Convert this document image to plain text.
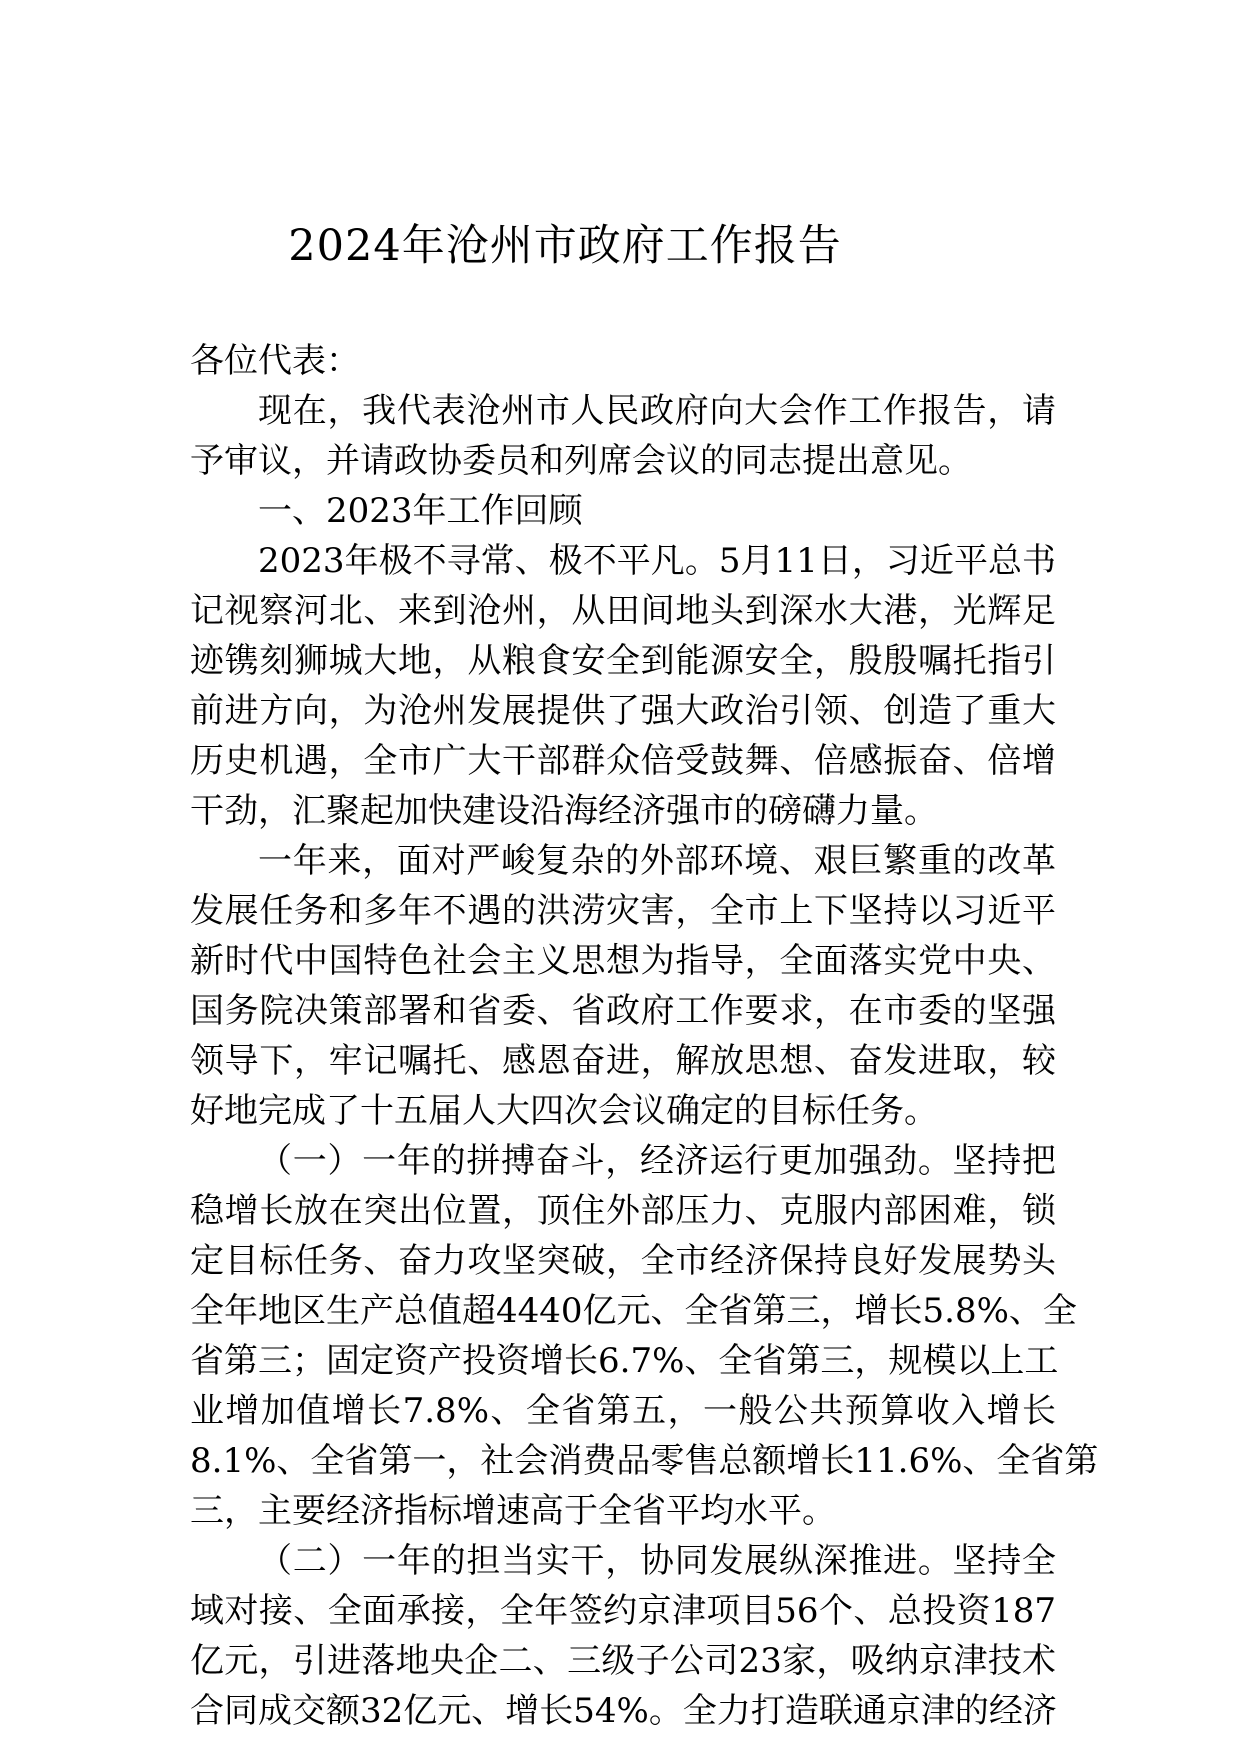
2024年沧州市政府工作报告
各位代表：
现在，我代表沧州市人民政府向大会作工作报告，请
予审议，并请政协委员和列席会议的同志提出意见。
一、2023年工作回顾
2023年极不寻常、极不平凡。5月11日，习近平总书
记视察河北、来到沧州，从田间地头到深水大港，光辉足
迹镌刻狮城大地，从粮食安全到能源安全，殷殷嘱托指引
前进方向，为沧州发展提供了强大政治引领、创造了重大
历史机遇，全市广大干部群众倍受鼓舞、倍感振奋、倍增
干劲，汇聚起加快建设沿海经济强市的磅礴力量。
一年来，面对严峻复杂的外部环境、艰巨繁重的改革
发展任务和多年不遇的洪涝灾害，全市上下坚持以习近平
新时代中国特色社会主义思想为指导，全面落实党中央、
国务院决策部署和省委、省政府工作要求，在市委的坚强
领导下，牢记嘱托、感恩奋进，解放思想、奋发进取，较
好地完成了十五届人大四次会议确定的目标任务。
（一）一年的拼搏奋斗，经济运行更加强劲。坚持把
稳增长放在突出位置，顶住外部压力、克服内部困难，锁
定目标任务、奋力攻坚突破，全市经济保持良好发展势头
全年地区生产总值超4440亿元、全省第三，增长5.8%、全
省第三；固定资产投资增长6.7%、全省第三，规模以上工
业增加值增长7.8%、全省第五，一般公共预算收入增长
8.1%、全省第一，社会消费品零售总额增长11.6%、全省第
三，主要经济指标增速高于全省平均水平。
（二）一年的担当实干，协同发展纵深推进。坚持全
域对接、全面承接，全年签约京津项目56个、总投资187
亿元，引进落地央企二、三级子公司23家，吸纳京津技术
合同成交额32亿元、增长54%。全力打造联通京津的经济
